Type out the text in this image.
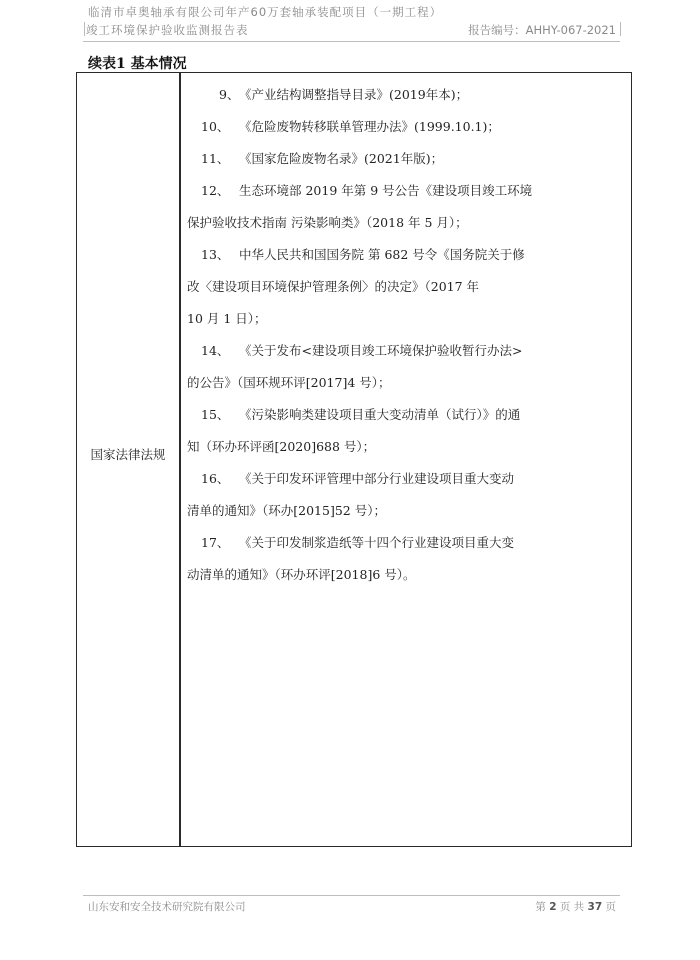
临清市卓奥轴承有限公司年产60万套轴承装配项目（一期工程）
竣工环境保护验收监测报告表	报告编号：AHHY-067-2021
续表1 基本情况
国家法律法规
9、 《产业结构调整指导目录》(2019年本)；
10、 《危险废物转移联单管理办法》(1999.10.1)；
11、 《国家危险废物名录》(2021年版)；
12、 生态环境部 2019 年第 9 号公告《建设项目竣工环境
保护验收技术指南 污染影响类》（2018 年 5 月）；
13、 中华人民共和国国务院 第 682 号令《国务院关于修
改〈建设项目环境保护管理条例〉的决定》（2017 年
10 月 1 日）；
14、 《关于发布<建设项目竣工环境保护验收暂行办法>
的公告》（国环规环评[2017]4 号）；
15、 《污染影响类建设项目重大变动清单（试行）》的通
知（环办环评函[2020]688 号）；
16、 《关于印发环评管理中部分行业建设项目重大变动
清单的通知》（环办[2015]52 号）；
17、 《关于印发制浆造纸等十四个行业建设项目重大变
动清单的通知》（环办环评[2018]6 号）。
山东安和安全技术研究院有限公司	第 2 页 共 37 页
